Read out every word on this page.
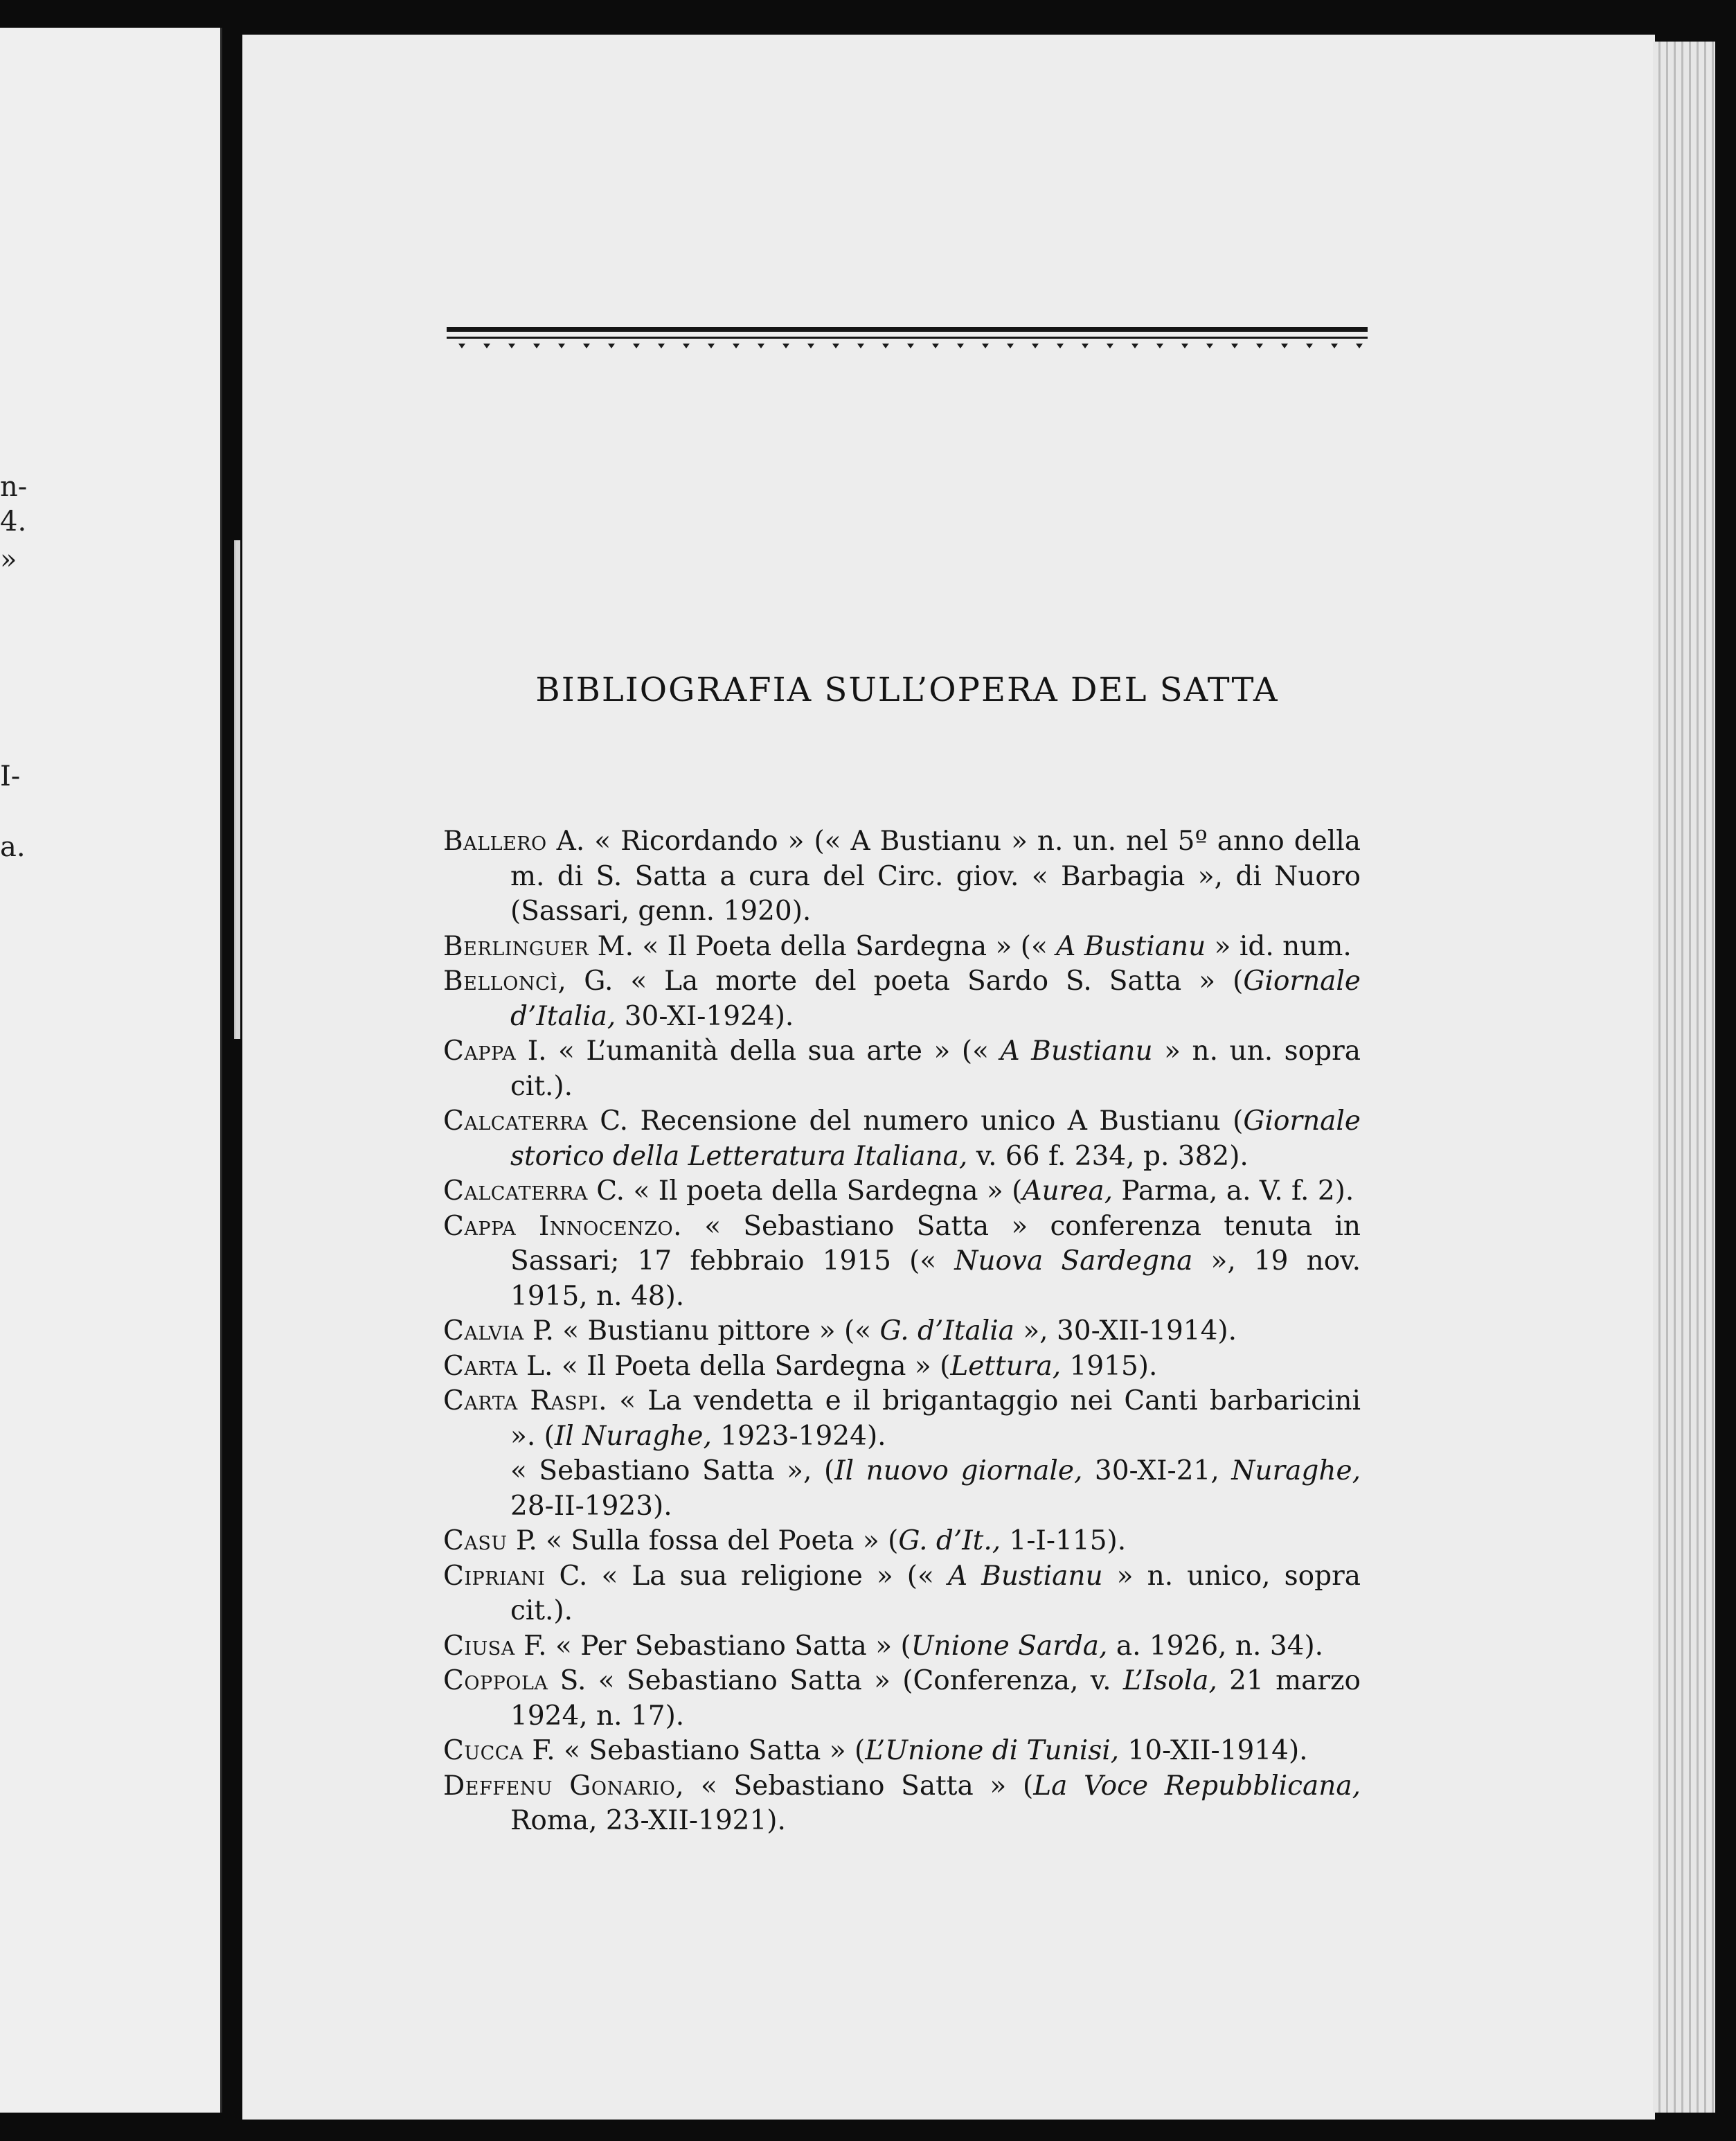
n-
4.
»
I-
a.
BIBLIOGRAFIA SULL’OPERA DEL SATTA
Ballero A. « Ricordando » (« A Bustianu » n. un. nel 5º anno della m. di S. Satta a cura del Circ. giov. « Barbagia », di Nuoro (Sassari, genn. 1920).
Berlinguer M. « Il Poeta della Sardegna » (« A Bustianu » id. num.
Belloncì, G. « La morte del poeta Sardo S. Satta » (Giornale d’Italia, 30-XI-1924).
Cappa I. « L’umanità della sua arte » (« A Bustianu » n. un. sopra cit.).
Calcaterra C. Recensione del numero unico A Bustianu (Giornale storico della Letteratura Italiana, v. 66 f. 234, p. 382).
Calcaterra C. « Il poeta della Sardegna » (Aurea, Parma, a. V. f. 2).
Cappa Innocenzo. « Sebastiano Satta » conferenza tenuta in Sassari; 17 febbraio 1915 (« Nuova Sardegna », 19 nov. 1915, n. 48).
Calvia P. « Bustianu pittore » (« G. d’Italia », 30-XII-1914).
Carta L. « Il Poeta della Sardegna » (Lettura, 1915).
Carta Raspi. « La vendetta e il brigantaggio nei Canti barbaricini ». (Il Nuraghe, 1923-1924).
« Sebastiano Satta », (Il nuovo giornale, 30-XI-21, Nuraghe, 28-II-1923).
Casu P. « Sulla fossa del Poeta » (G. d’It., 1-I-115).
Cipriani C. « La sua religione » (« A Bustianu » n. unico, sopra cit.).
Ciusa F. « Per Sebastiano Satta » (Unione Sarda, a. 1926, n. 34).
Coppola S. « Sebastiano Satta » (Conferenza, v. L’Isola, 21 marzo 1924, n. 17).
Cucca F. « Sebastiano Satta » (L’Unione di Tunisi, 10-XII-1914).
Deffenu Gonario, « Sebastiano Satta » (La Voce Repubblicana, Roma, 23-XII-1921).
